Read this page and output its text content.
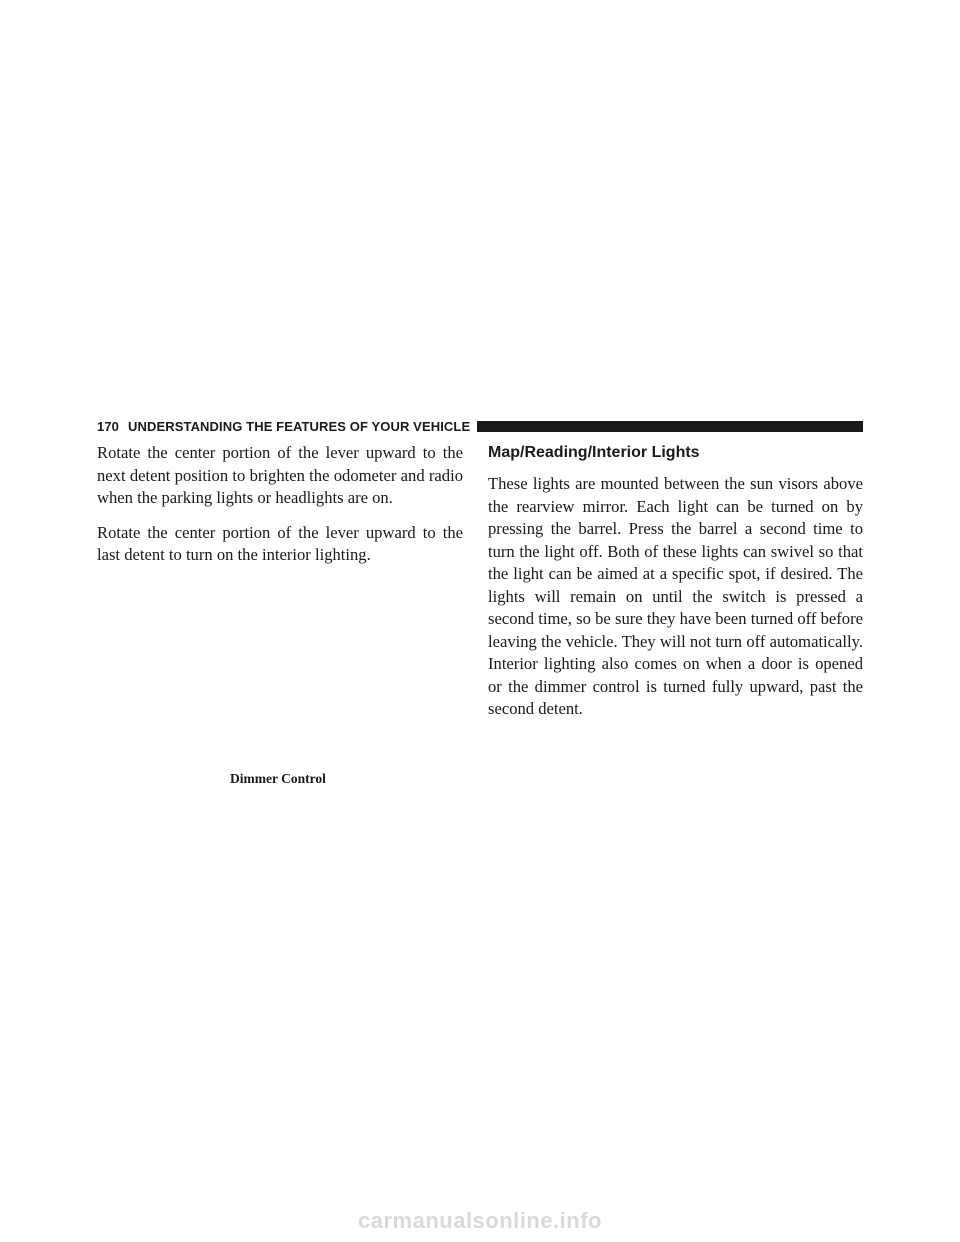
170 UNDERSTANDING THE FEATURES OF YOUR VEHICLE

Rotate the center portion of the lever upward to the next detent position to brighten the odometer and radio when the parking lights or headlights are on.

Rotate the center portion of the lever upward to the last detent to turn on the interior lighting.

Dimmer Control
Map/Reading/Interior Lights

These lights are mounted between the sun visors above the rearview mirror. Each light can be turned on by pressing the barrel. Press the barrel a second time to turn the light off. Both of these lights can swivel so that the light can be aimed at a specific spot, if desired. The lights will remain on until the switch is pressed a second time, so be sure they have been turned off before leaving the vehicle. They will not turn off automatically. Interior lighting also comes on when a door is opened or the dimmer control is turned fully upward, past the second detent.

carmanualsonline.info
